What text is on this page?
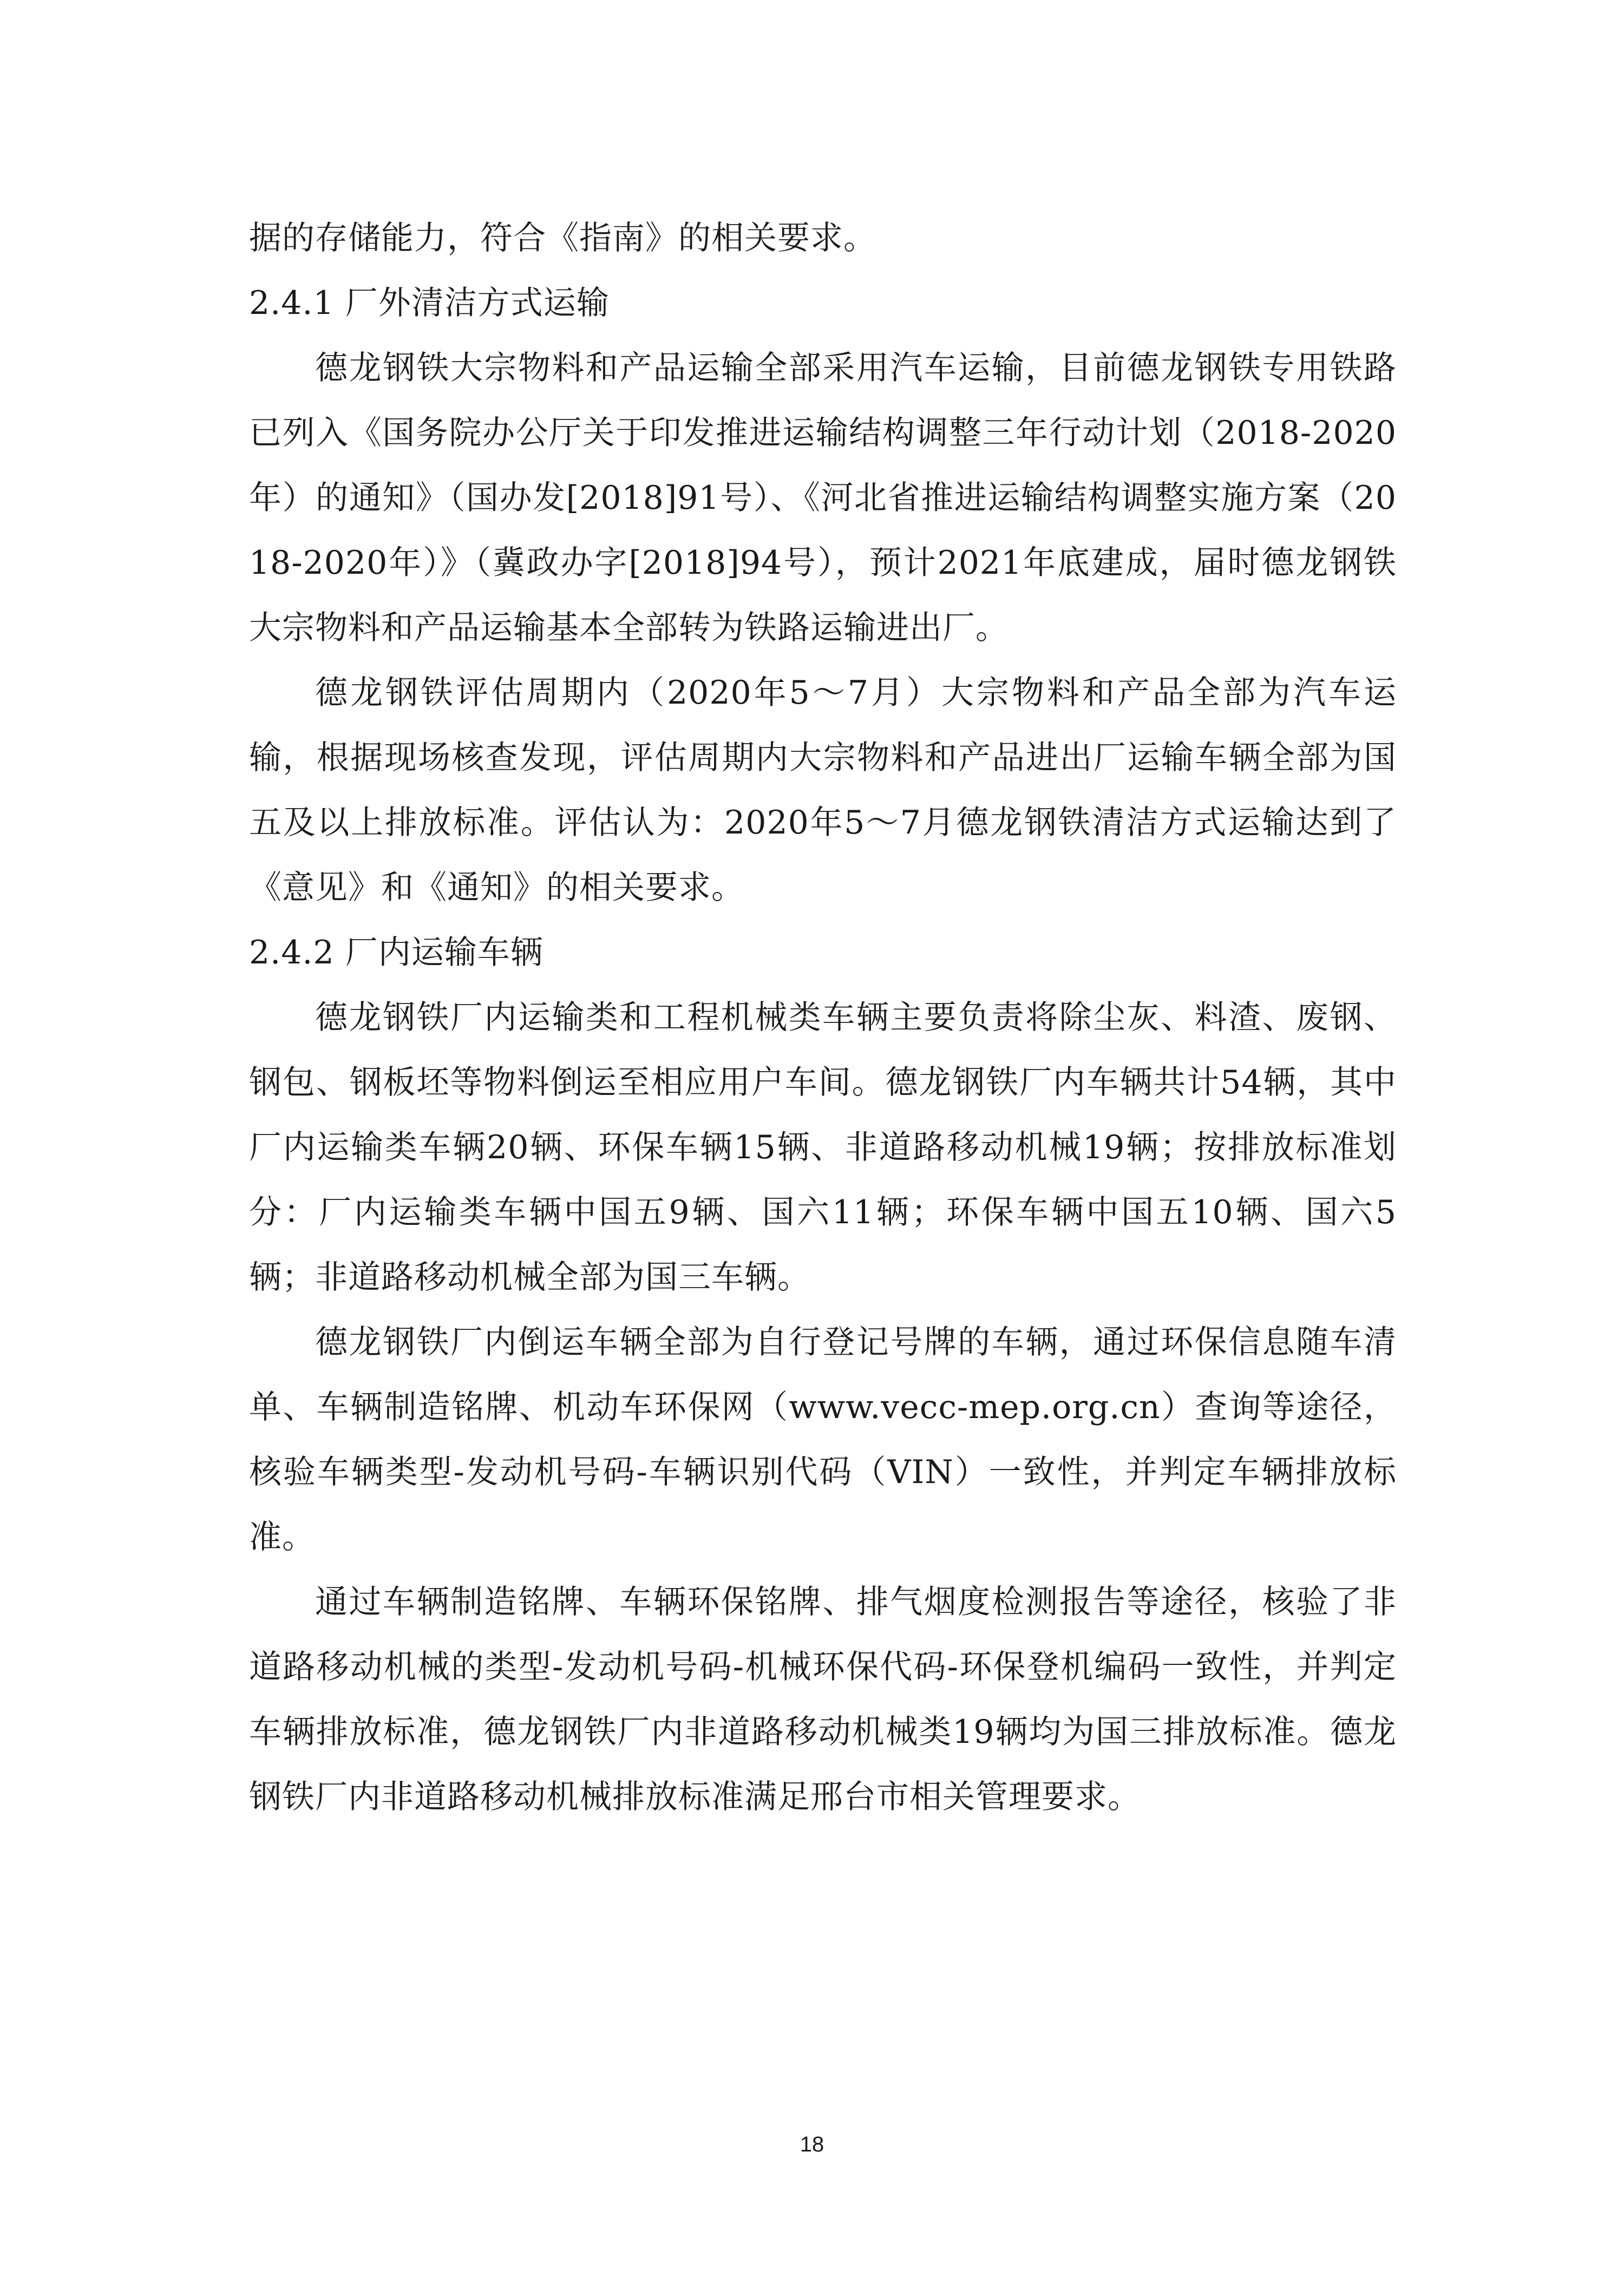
据的存储能力，符合《指南》的相关要求。

2.4.1 厂外清洁方式运输

德龙钢铁大宗物料和产品运输全部采用汽车运输，目前德龙钢铁专用铁路已列入《国务院办公厅关于印发推进运输结构调整三年行动计划（2018-2020年）的通知》（国办发[2018]91号）、《河北省推进运输结构调整实施方案（2018-2020年）》（冀政办字[2018]94号），预计2021年底建成，届时德龙钢铁大宗物料和产品运输基本全部转为铁路运输进出厂。

德龙钢铁评估周期内（2020年5～7月）大宗物料和产品全部为汽车运输，根据现场核查发现，评估周期内大宗物料和产品进出厂运输车辆全部为国五及以上排放标准。评估认为：2020年5～7月德龙钢铁清洁方式运输达到了《意见》和《通知》的相关要求。

2.4.2 厂内运输车辆

德龙钢铁厂内运输类和工程机械类车辆主要负责将除尘灰、料渣、废钢、钢包、钢板坯等物料倒运至相应用户车间。德龙钢铁厂内车辆共计54辆，其中厂内运输类车辆20辆、环保车辆15辆、非道路移动机械19辆；按排放标准划分：厂内运输类车辆中国五9辆、国六11辆；环保车辆中国五10辆、国六5辆；非道路移动机械全部为国三车辆。

德龙钢铁厂内倒运车辆全部为自行登记号牌的车辆，通过环保信息随车清单、车辆制造铭牌、机动车环保网（www.vecc-mep.org.cn）查询等途径，核验车辆类型-发动机号码-车辆识别代码（VIN）一致性，并判定车辆排放标准。

通过车辆制造铭牌、车辆环保铭牌、排气烟度检测报告等途径，核验了非道路移动机械的类型-发动机号码-机械环保代码-环保登机编码一致性，并判定车辆排放标准，德龙钢铁厂内非道路移动机械类19辆均为国三排放标准。德龙钢铁厂内非道路移动机械排放标准满足邢台市相关管理要求。

18
